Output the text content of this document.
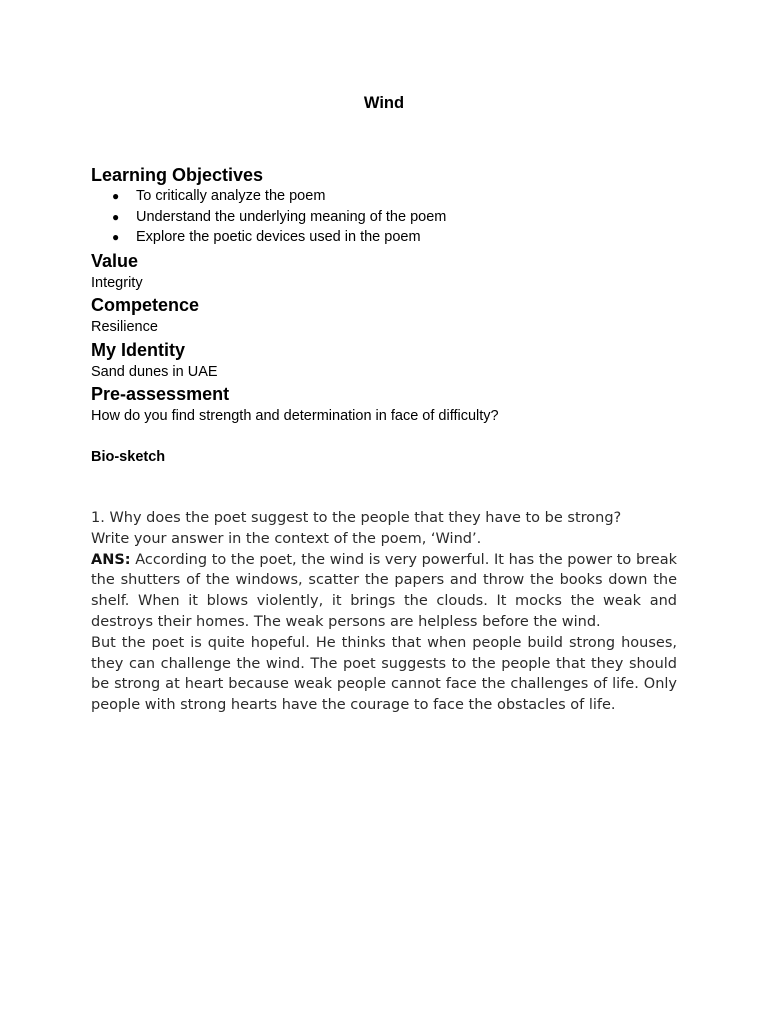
Wind
Learning Objectives
● To critically analyze the poem
● Understand the underlying meaning of the poem
● Explore the poetic devices used in the poem
Value
Integrity
Competence
Resilience
My Identity
Sand dunes in UAE
Pre-assessment
How do you find strength and determination in face of difficulty?
Bio-sketch

1. Why does the poet suggest to the people that they have to be strong?

Write your answer in the context of the poem, ‘Wind’.

ANS: According to the poet, the wind is very powerful. It has the power to break the shutters of the windows, scatter the papers and throw the books down the shelf. When it blows violently, it brings the clouds. It mocks the weak and destroys their homes. The weak persons are helpless before the wind.

But the poet is quite hopeful. He thinks that when people build strong houses, they can challenge the wind. The poet suggests to the people that they should be strong at heart because weak people cannot face the challenges of life. Only people with strong hearts have the courage to face the obstacles of life.
